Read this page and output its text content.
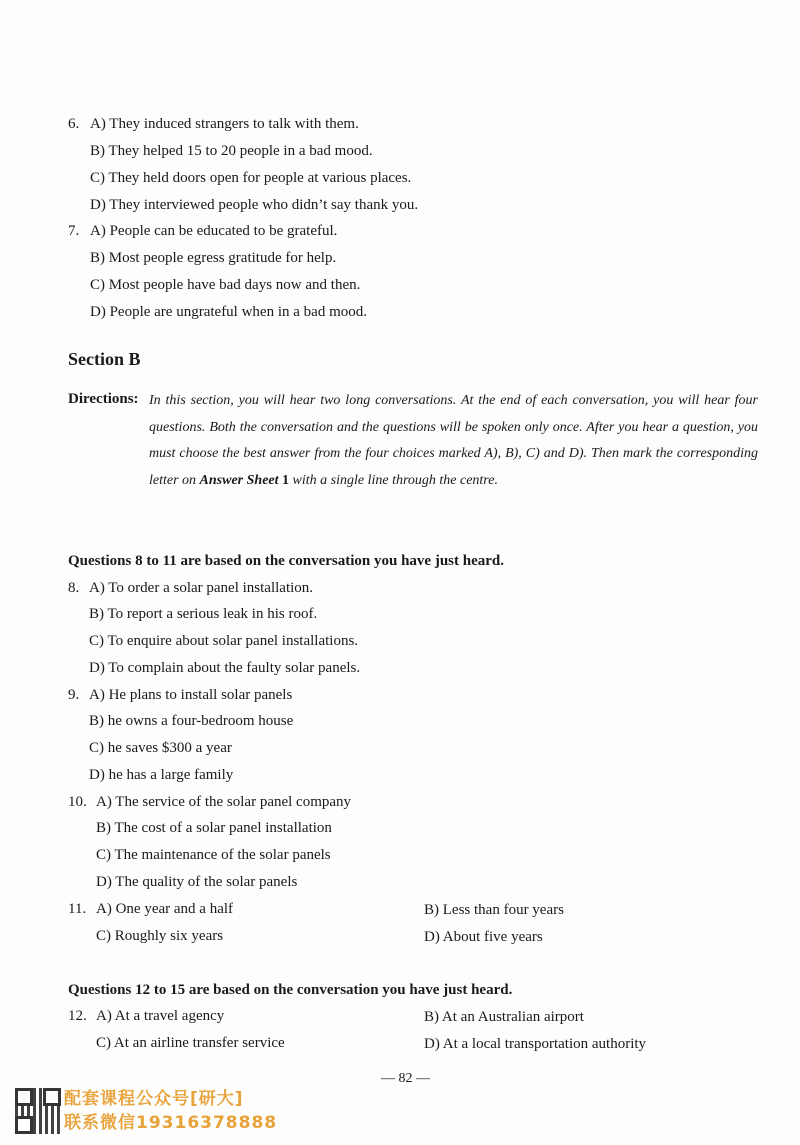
6. A) They induced strangers to talk with them.
B) They helped 15 to 20 people in a bad mood.
C) They held doors open for people at various places.
D) They interviewed people who didn’t say thank you.
7. A) People can be educated to be grateful.
B) Most people egress gratitude for help.
C) Most people have bad days now and then.
D) People are ungrateful when in a bad mood.
Section B
Directions: In this section, you will hear two long conversations. At the end of each conversation, you will hear four questions. Both the conversation and the questions will be spoken only once. After you hear a question, you must choose the best answer from the four choices marked A), B), C) and D). Then mark the corresponding letter on Answer Sheet 1 with a single line through the centre.
Questions 8 to 11 are based on the conversation you have just heard.
8. A) To order a solar panel installation.
B) To report a serious leak in his roof.
C) To enquire about solar panel installations.
D) To complain about the faulty solar panels.
9. A) He plans to install solar panels
B) he owns a four-bedroom house
C) he saves $300 a year
D) he has a large family
10. A) The service of the solar panel company
B) The cost of a solar panel installation
C) The maintenance of the solar panels
D) The quality of the solar panels
11. A) One year and a half	B) Less than four years
C) Roughly six years	D) About five years
Questions 12 to 15 are based on the conversation you have just heard.
12. A) At a travel agency	B) At an Australian airport
C) At an airline transfer service	D) At a local transportation authority
— 82 —
配套课程公众号[研大]
联系微信19316378888
